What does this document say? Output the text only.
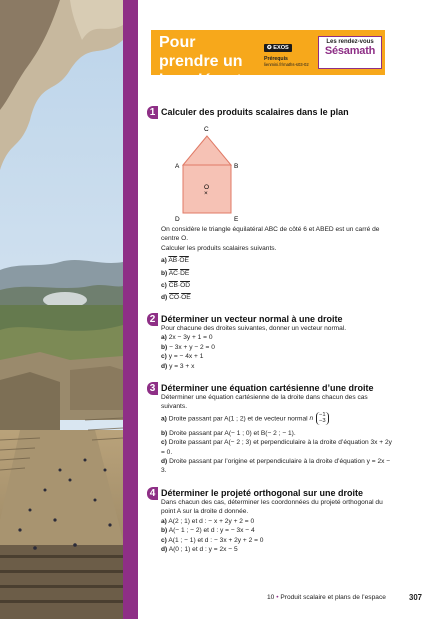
Pour prendre un bon départ
✪ EXOS
Prérequis
lienmini.fr/maths-s03-02
Les rendez-vous
Sésamath
1 Calculer des produits scalaires dans le plan
C
A	B
O
×
D	E

On considère le triangle équilatéral ABC de côté 6 et ABED est un carré de centre O.

Calculer les produits scalaires suivants.

a) $\overline{AB}\cdot\overline{OE}$

b) $\overline{AC}\cdot\overline{DE}$

c) $\overline{CB}\cdot\overline{OD}$

d) $\overline{CO}\cdot\overline{OE}$

2 Déterminer un vecteur normal à une droite

Pour chacune des droites suivantes, donner un vecteur normal.

a) 2x − 3y + 1 = 0

b) − 3x + y − 2 = 0

c) y = − 4x + 1

d) y = 3 + x

3 Déterminer une équation cartésienne d’une droite

Déterminer une équation cartésienne de la droite dans chacun des cas suivants.

a) Droite passant par A(1 ; 2) et de vecteur normal n
−1
−3

b) Droite passant par A(− 1 ; 0) et B(− 2 ; − 1).

c) Droite passant par A(− 2 ; 3) et perpendiculaire à la droite d’équation 3x + 2y = 0.

d) Droite passant par l’origine et perpendiculaire à la droite d’équation y = 2x − 3.

4 Déterminer le projeté orthogonal sur une droite

Dans chacun des cas, déterminer les coordonnées du projeté orthogonal du point A sur la droite d donnée.

a) A(2 ; 1) et d : − x + 2y + 2 = 0

b) A(− 1 ; − 2) et d : y = − 3x − 4

c) A(1 ; − 1) et d : − 3x + 2y + 2 = 0

d) A(0 ; 1) et d : y = 2x − 5

10 • Produit scalaire et plans de l’espace	307
